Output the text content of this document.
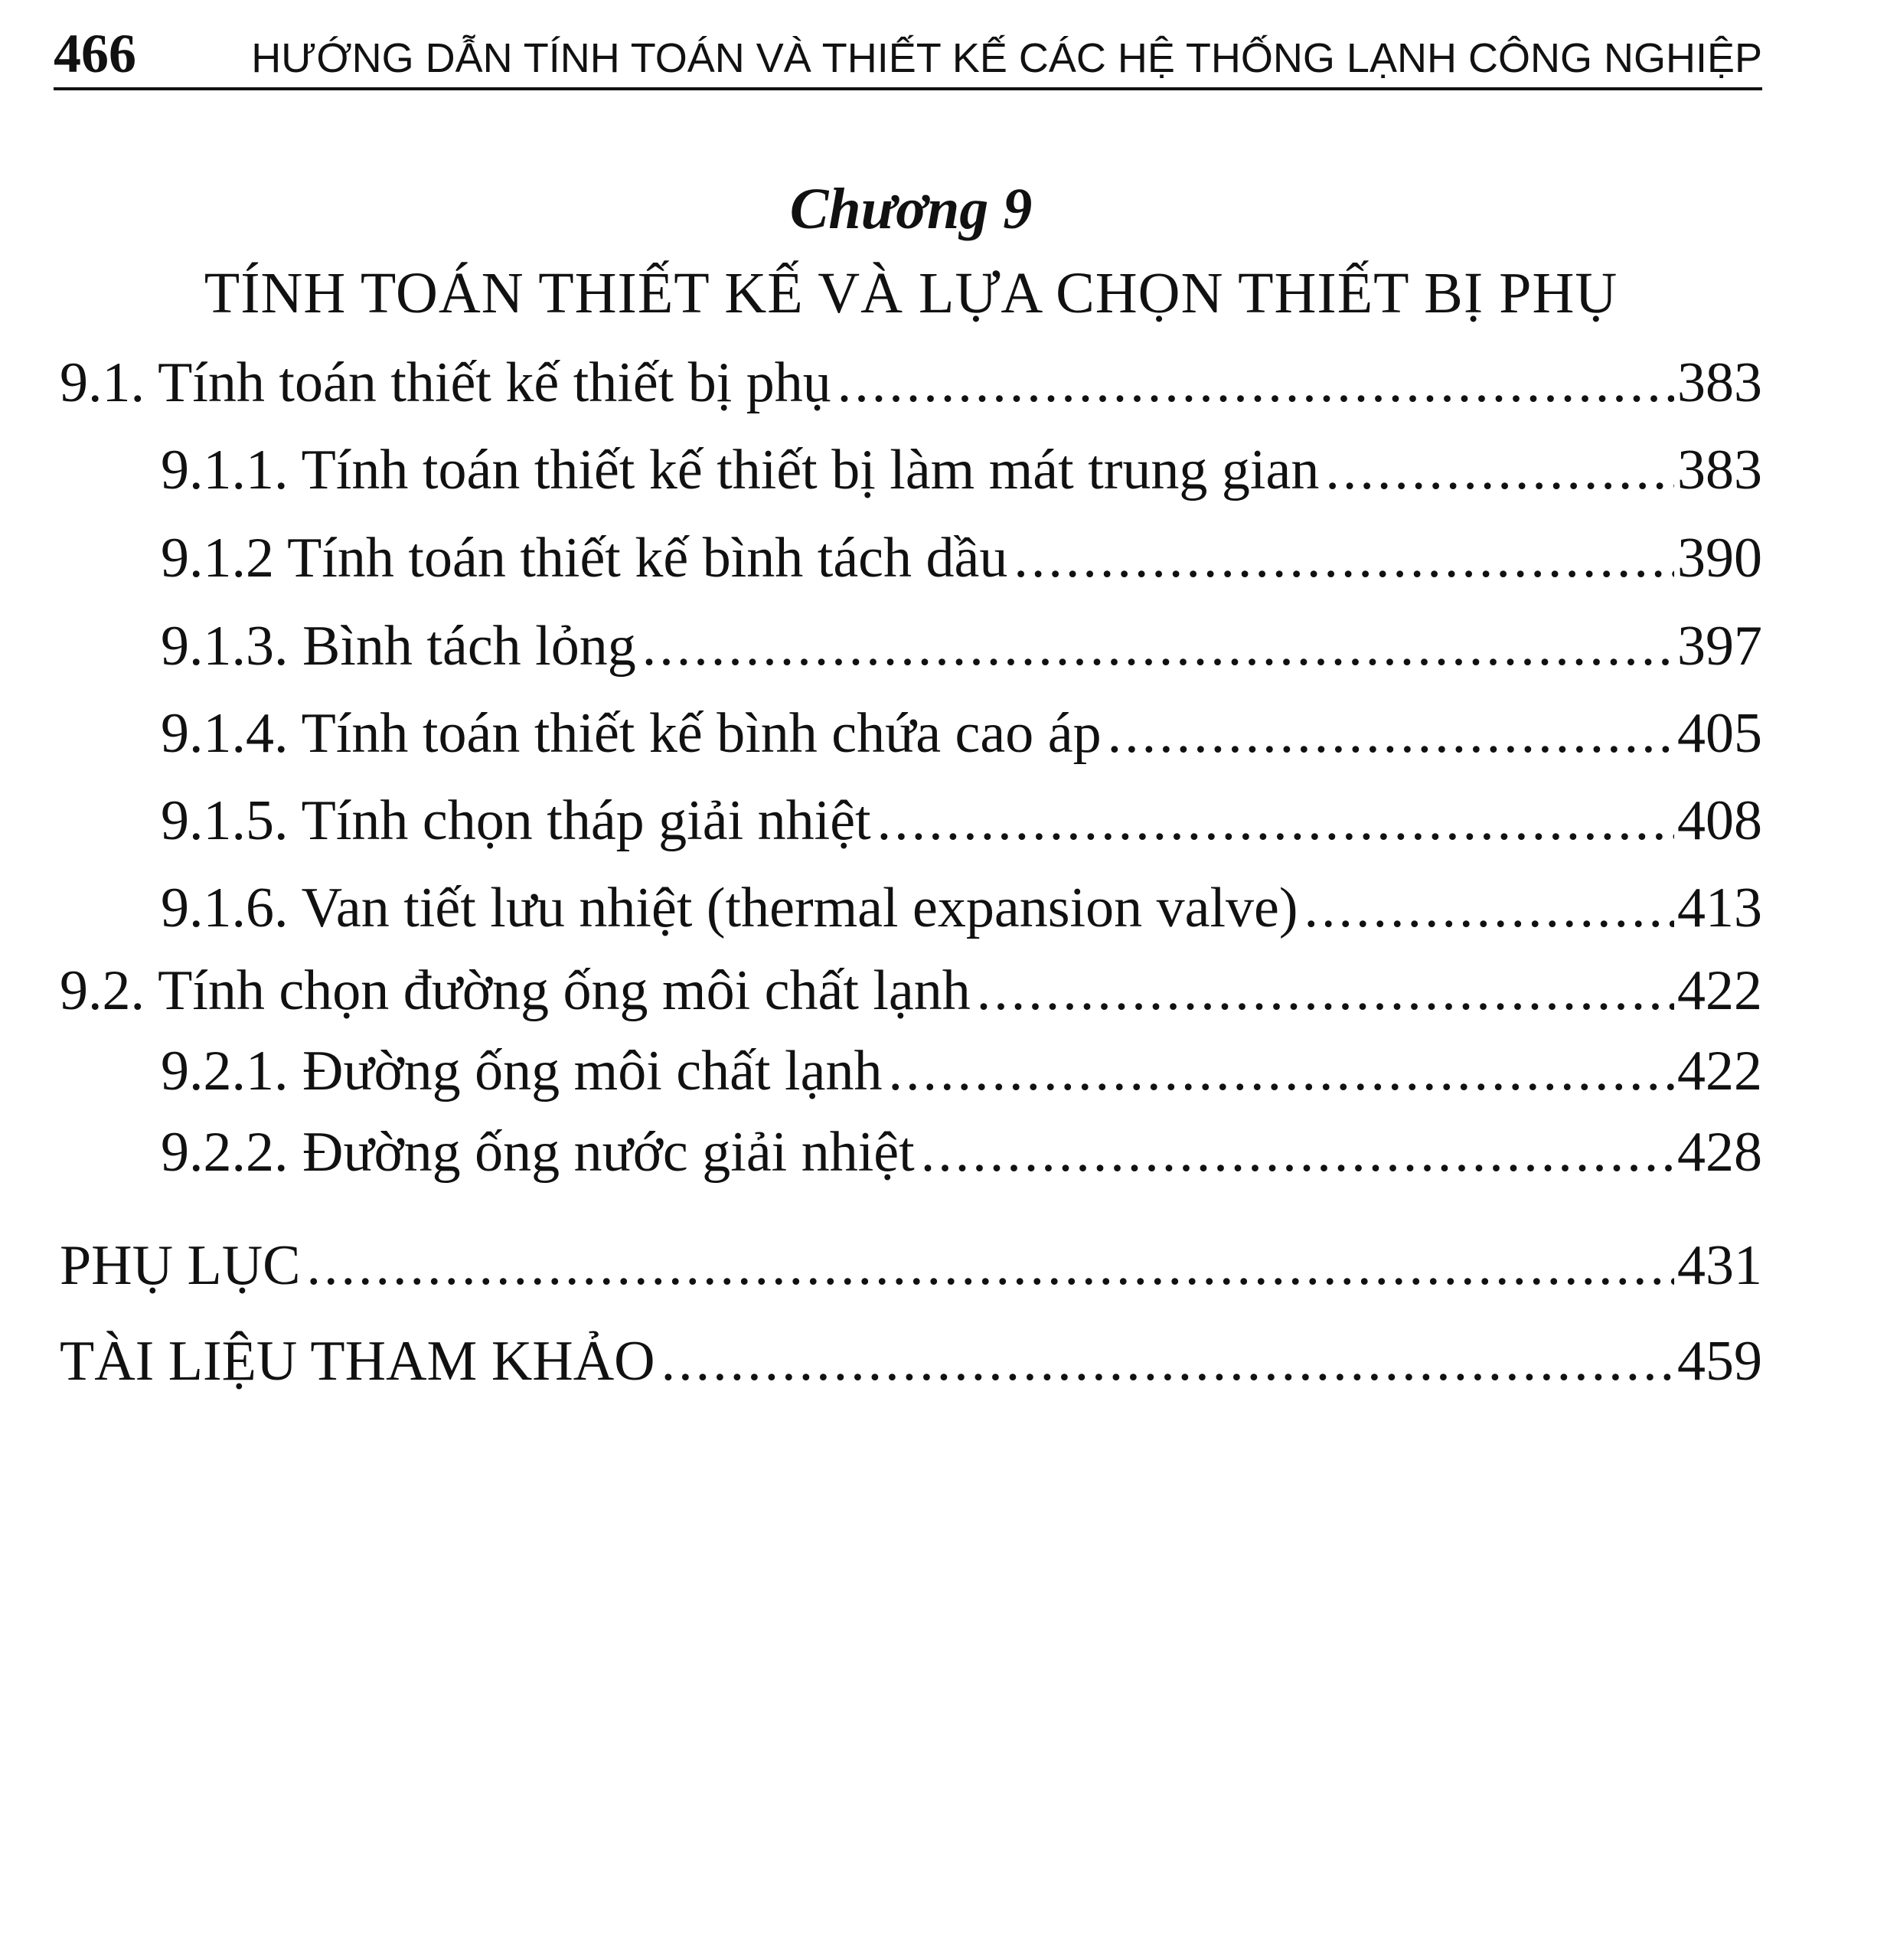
466	HƯỚNG DẪN TÍNH TOÁN VÀ THIẾT KẾ CÁC HỆ THỐNG LẠNH CÔNG NGHIỆP
Chương 9
TÍNH TOÁN THIẾT KẾ VÀ LỰA CHỌN THIẾT BỊ PHỤ
9.1. Tính toán thiết kế thiết bị phụ .....	383
9.1.1. Tính toán thiết kế thiết bị làm mát trung gian .....	383
9.1.2 Tính toán thiết kế bình tách dầu .....	390
9.1.3. Bình tách lỏng .....	397
9.1.4. Tính toán thiết kế bình chứa cao áp .....	405
9.1.5. Tính chọn tháp giải nhiệt .....	408
9.1.6. Van tiết lưu nhiệt (thermal expansion valve) .....	413
9.2. Tính chọn đường ống môi chất lạnh .....	422
9.2.1. Đường ống môi chất lạnh .....	422
9.2.2. Đường ống nước giải nhiệt .....	428
PHỤ LỤC .....	431
TÀI LIỆU THAM KHẢO .....	459
